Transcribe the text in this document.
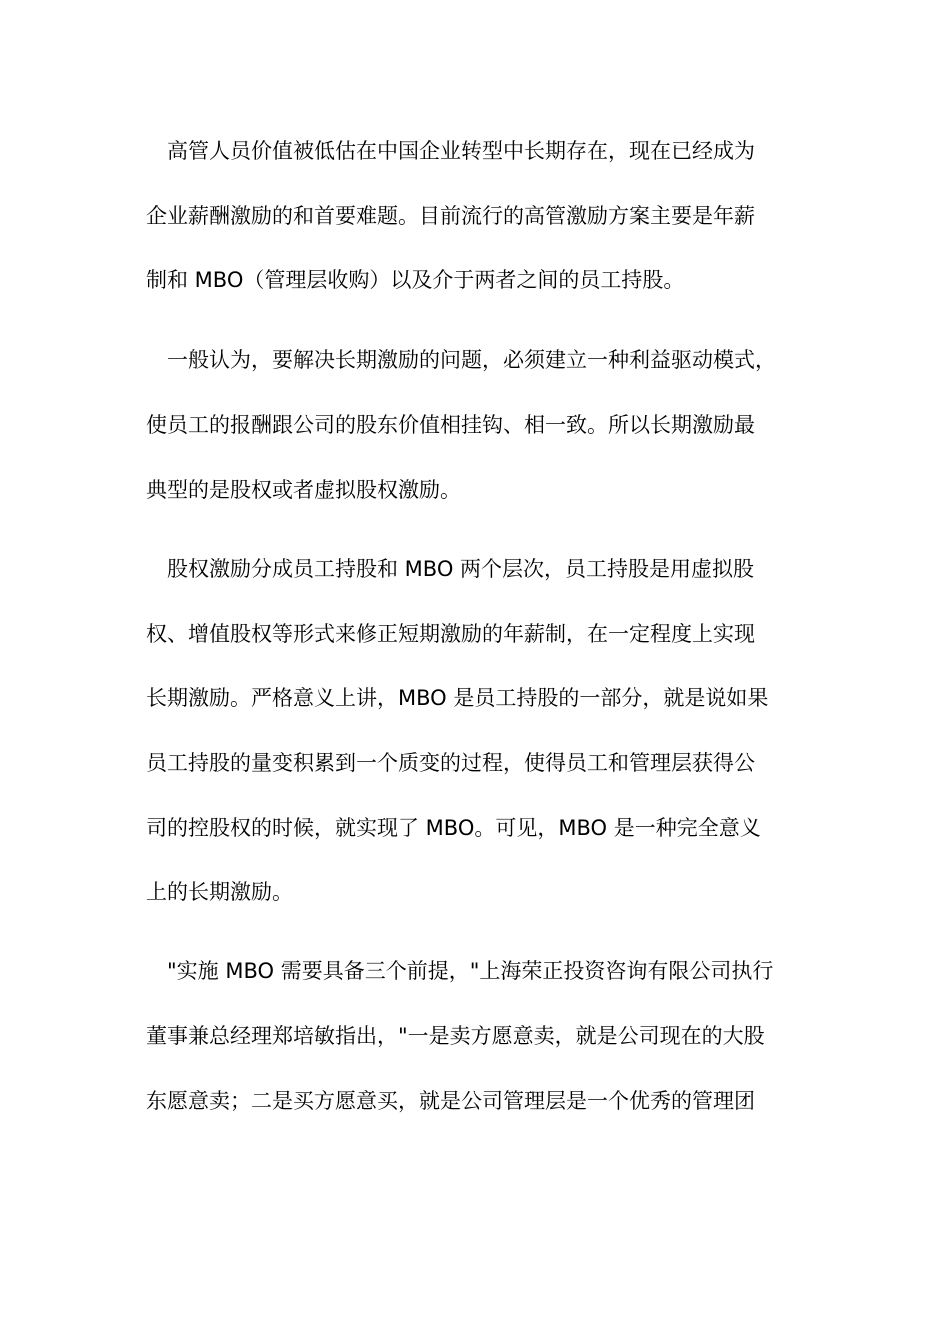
　高管人员价值被低估在中国企业转型中长期存在，现在已经成为
企业薪酬激励的和首要难题。目前流行的高管激励方案主要是年薪
制和 MBO（管理层收购）以及介于两者之间的员工持股。
　一般认为，要解决长期激励的问题，必须建立一种利益驱动模式，
使员工的报酬跟公司的股东价值相挂钩、相一致。所以长期激励最
典型的是股权或者虚拟股权激励。
　股权激励分成员工持股和 MBO 两个层次，员工持股是用虚拟股
权、增值股权等形式来修正短期激励的年薪制，在一定程度上实现
长期激励。严格意义上讲，MBO 是员工持股的一部分，就是说如果
员工持股的量变积累到一个质变的过程，使得员工和管理层获得公
司的控股权的时候，就实现了 MBO。可见，MBO 是一种完全意义
上的长期激励。
　"实施 MBO 需要具备三个前提，"上海荣正投资咨询有限公司执行
董事兼总经理郑培敏指出，"一是卖方愿意卖，就是公司现在的大股
东愿意卖；二是买方愿意买，就是公司管理层是一个优秀的管理团
